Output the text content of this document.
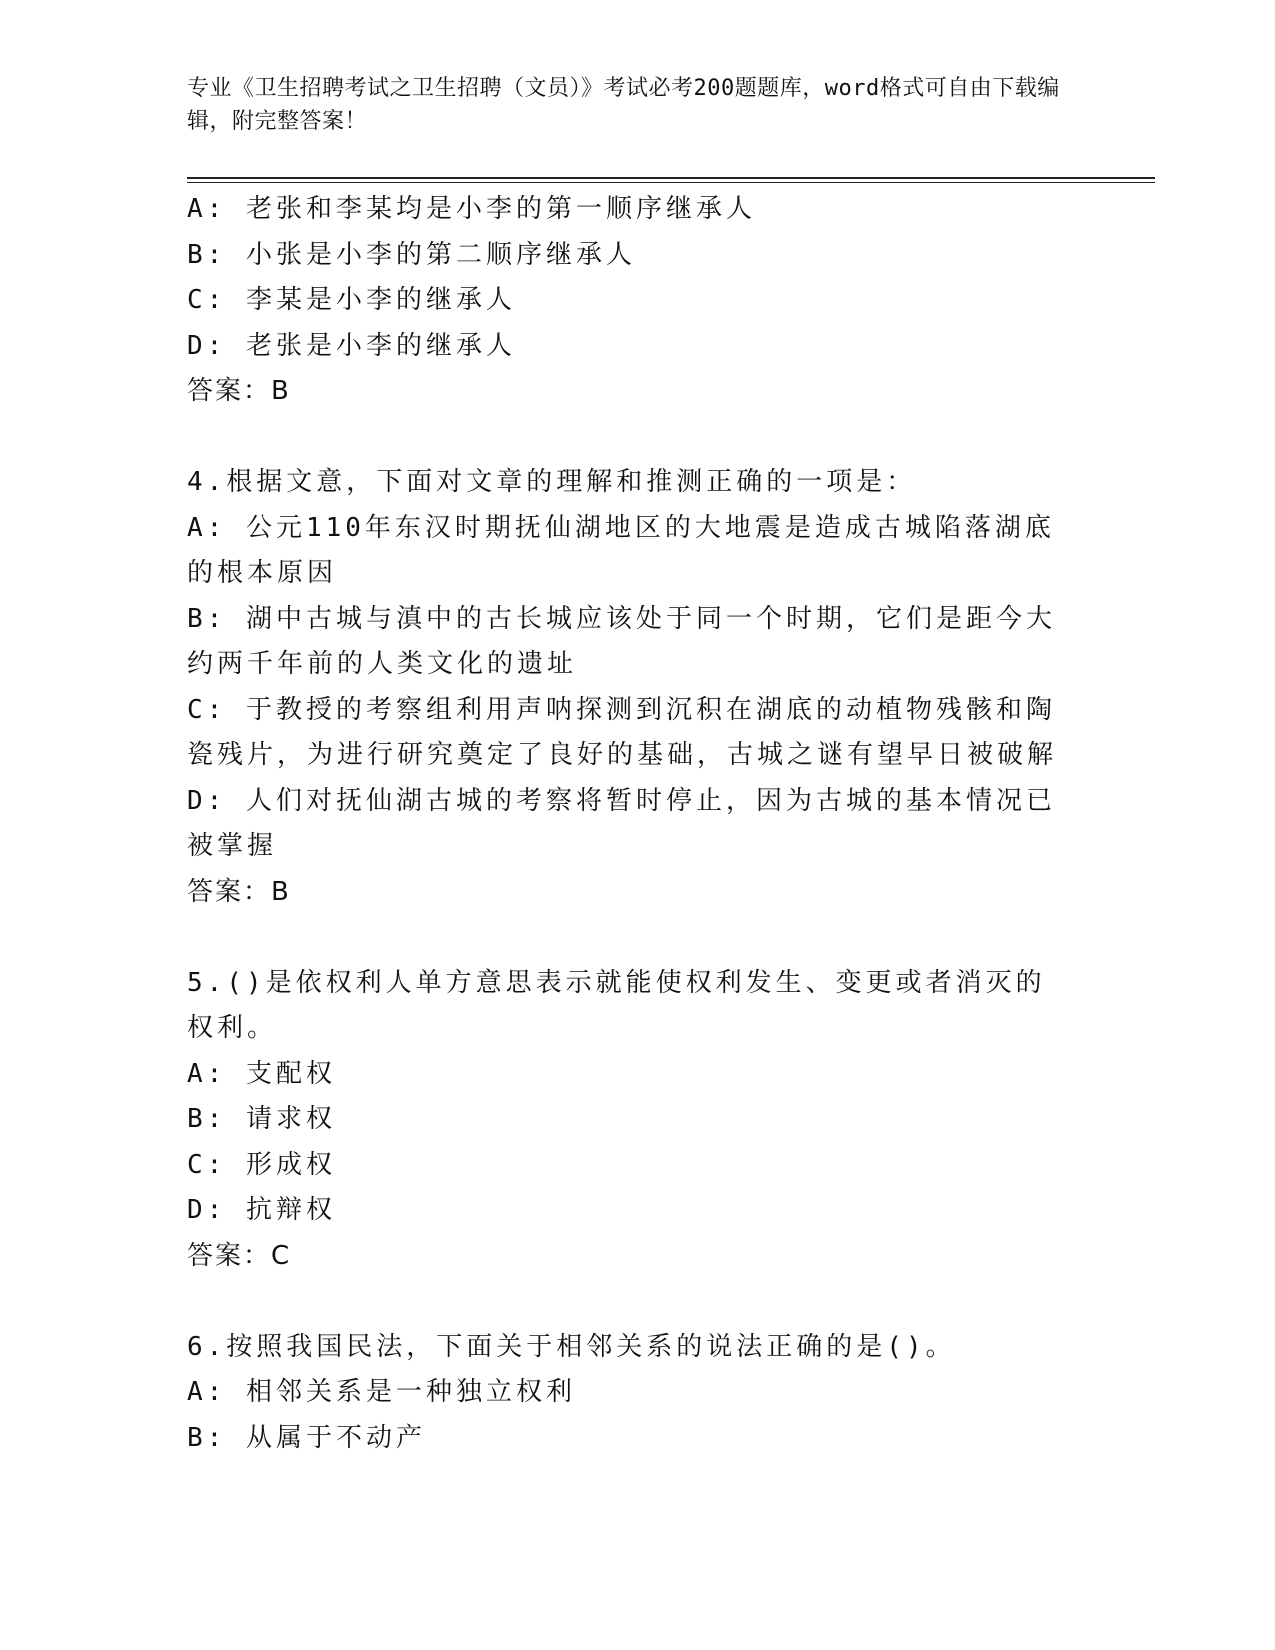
专业《卫生招聘考试之卫生招聘（文员）》考试必考200题题库，word格式可自由下载编辑，附完整答案！
A: 老张和李某均是小李的第一顺序继承人
B: 小张是小李的第二顺序继承人
C: 李某是小李的继承人
D: 老张是小李的继承人
答案：B
4.根据文意，下面对文章的理解和推测正确的一项是：
A: 公元110年东汉时期抚仙湖地区的大地震是造成古城陷落湖底的根本原因
B: 湖中古城与滇中的古长城应该处于同一个时期，它们是距今大约两千年前的人类文化的遗址
C: 于教授的考察组利用声呐探测到沉积在湖底的动植物残骸和陶瓷残片，为进行研究奠定了良好的基础，古城之谜有望早日被破解
D: 人们对抚仙湖古城的考察将暂时停止，因为古城的基本情况已被掌握
答案：B
5.()是依权利人单方意思表示就能使权利发生、变更或者消灭的权利。
A: 支配权
B: 请求权
C: 形成权
D: 抗辩权
答案：C
6.按照我国民法，下面关于相邻关系的说法正确的是()。
A: 相邻关系是一种独立权利
B: 从属于不动产
